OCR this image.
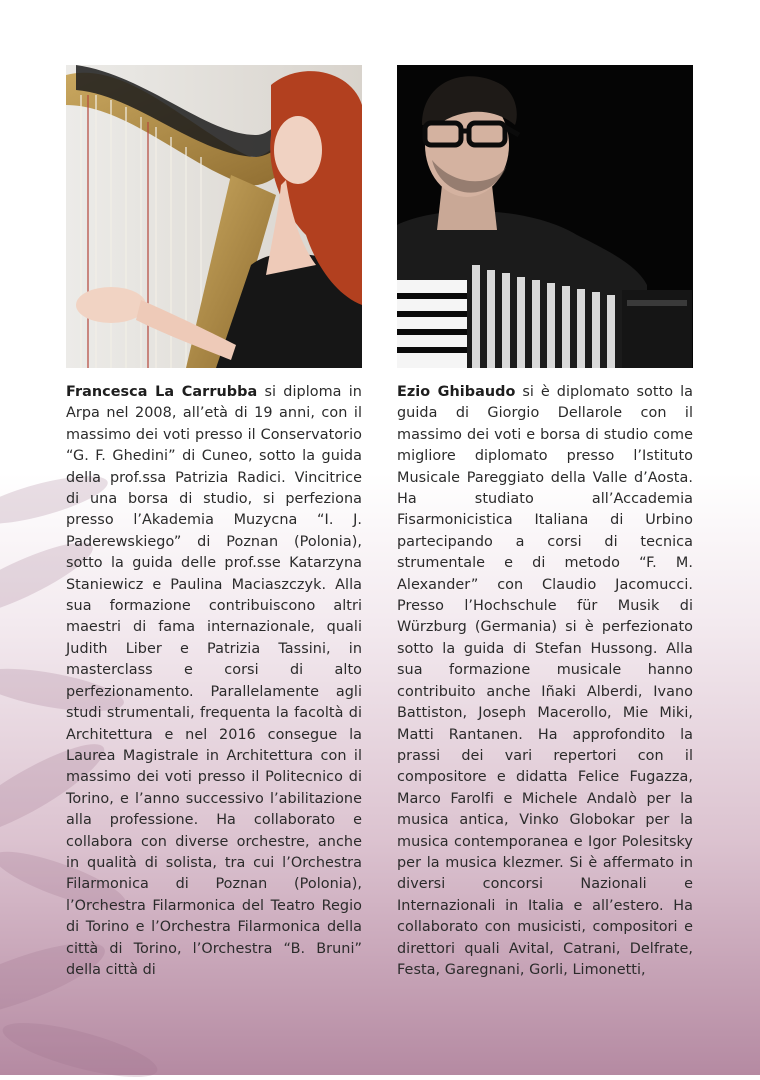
Francesca La Carrubba si diploma in Arpa nel 2008, all’età di 19 anni, con il massimo dei voti presso il Conservatorio “G. F. Ghedini” di Cuneo, sotto la guida della prof.ssa Patrizia Radici. Vincitrice di una borsa di studio, si perfeziona presso l’Akademia Muzycna “I. J. Paderewskiego” di Poznan (Polonia), sotto la guida delle prof.sse Katarzyna Staniewicz e Paulina Maciaszczyk. Alla sua formazione contribuiscono altri maestri di fama internazionale, quali Judith Liber e Patrizia Tassini, in masterclass e corsi di alto perfezionamento. Parallelamente agli studi strumentali, frequenta la facoltà di Architettura e nel 2016 consegue la Laurea Magistrale in Architettura con il massimo dei voti presso il Politecnico di Torino, e l’anno successivo l’abilitazione alla professione. Ha collaborato e collabora con diverse orchestre, anche in qualità di solista, tra cui l’Orchestra Filarmonica di Poznan (Polonia), l’Orchestra Filarmonica del Teatro Regio di Torino e l’Orchestra Filarmonica della città di Torino, l’Orchestra “B. Bruni” della città di

Ezio Ghibaudo si è diplomato sotto la guida di Giorgio Dellarole con il massimo dei voti e borsa di studio come migliore diplomato presso l’Istituto Musicale Pareggiato della Valle d’Aosta. Ha studiato all’Accademia Fisarmonicistica Italiana di Urbino partecipando a corsi di tecnica strumentale e di metodo “F. M. Alexander” con Claudio Jacomucci. Presso l’Hochschule für Musik di Würzburg (Germania) si è perfezionato sotto la guida di Stefan Hussong. Alla sua formazione musicale hanno contribuito anche Iñaki Alberdi, Ivano Battiston, Joseph Macerollo, Mie Miki, Matti Rantanen. Ha approfondito la prassi dei vari repertori con il compositore e didatta Felice Fugazza, Marco Farolfi e Michele Andalò per la musica antica, Vinko Globokar per la musica contemporanea e Igor Polesitsky per la musica klezmer. Si è affermato in diversi concorsi Nazionali e Internazionali in Italia e all’estero. Ha collaborato con musicisti, compositori e direttori quali Avital, Catrani, Delfrate, Festa, Garegnani, Gorli, Limonetti,
